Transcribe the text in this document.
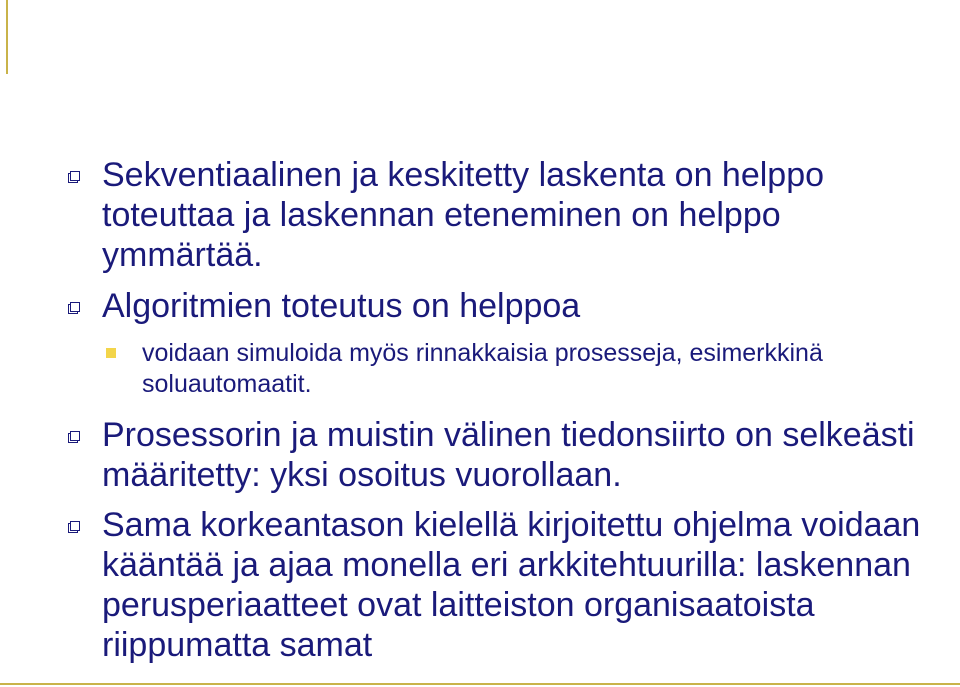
Sekventiaalinen ja keskitetty laskenta on helppo toteuttaa ja laskennan eteneminen on helppo ymmärtää.
Algoritmien toteutus on helppoa
voidaan simuloida myös rinnakkaisia prosesseja, esimerkkinä soluautomaatit.
Prosessorin ja muistin välinen tiedonsiirto on selkeästi määritetty: yksi osoitus vuorollaan.
Sama korkeantason kielellä kirjoitettu ohjelma voidaan kääntää ja ajaa monella eri arkkitehtuurilla: laskennan perusperiaatteet ovat laitteiston organisaatoista riippumatta samat
